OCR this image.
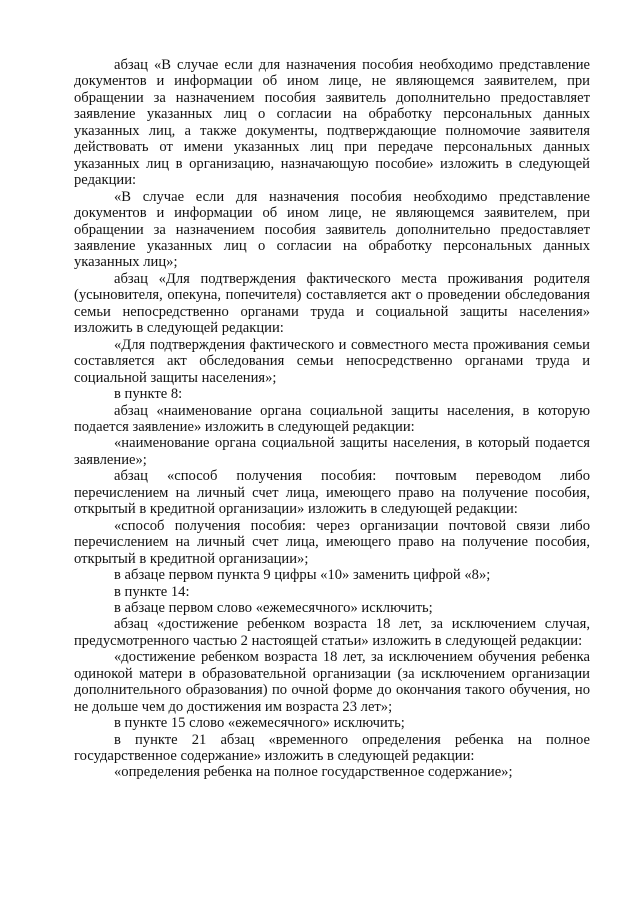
абзац «В случае если для назначения пособия необходимо представление документов и информации об ином лице, не являющемся заявителем, при обращении за назначением пособия заявитель дополнительно предоставляет заявление указанных лиц о согласии на обработку персональных данных указанных лиц, а также документы, подтверждающие полномочие заявителя действовать от имени указанных лиц при передаче персональных данных указанных лиц в организацию, назначающую пособие» изложить в следующей редакции:

«В случае если для назначения пособия необходимо представление документов и информации об ином лице, не являющемся заявителем, при обращении за назначением пособия заявитель дополнительно предоставляет заявление указанных лиц о согласии на обработку персональных данных указанных лиц»;

абзац «Для подтверждения фактического места проживания родителя (усыновителя, опекуна, попечителя) составляется акт о проведении обследования семьи непосредственно органами труда и социальной защиты населения» изложить в следующей редакции:

«Для подтверждения фактического и совместного места проживания семьи составляется акт обследования семьи непосредственно органами труда и социальной защиты населения»;

в пункте 8:

абзац «наименование органа социальной защиты населения, в которую подается заявление» изложить в следующей редакции:

«наименование органа социальной защиты населения, в который подается заявление»;

абзац «способ получения пособия: почтовым переводом либо перечислением на личный счет лица, имеющего право на получение пособия, открытый в кредитной организации» изложить в следующей редакции:

«способ получения пособия: через организации почтовой связи либо перечислением на личный счет лица, имеющего право на получение пособия, открытый в кредитной организации»;

в абзаце первом пункта 9 цифры «10» заменить цифрой «8»;

в пункте 14:

в абзаце первом слово «ежемесячного» исключить;

абзац «достижение ребенком возраста 18 лет, за исключением случая, предусмотренного частью 2 настоящей статьи» изложить в следующей редакции:

«достижение ребенком возраста 18 лет, за исключением обучения ребенка одинокой матери в образовательной организации (за исключением организации дополнительного образования) по очной форме до окончания такого обучения, но не дольше чем до достижения им возраста 23 лет»;

в пункте 15 слово «ежемесячного» исключить;

в пункте 21 абзац «временного определения ребенка на полное государственное содержание» изложить в следующей редакции:

«определения ребенка на полное государственное содержание»;
